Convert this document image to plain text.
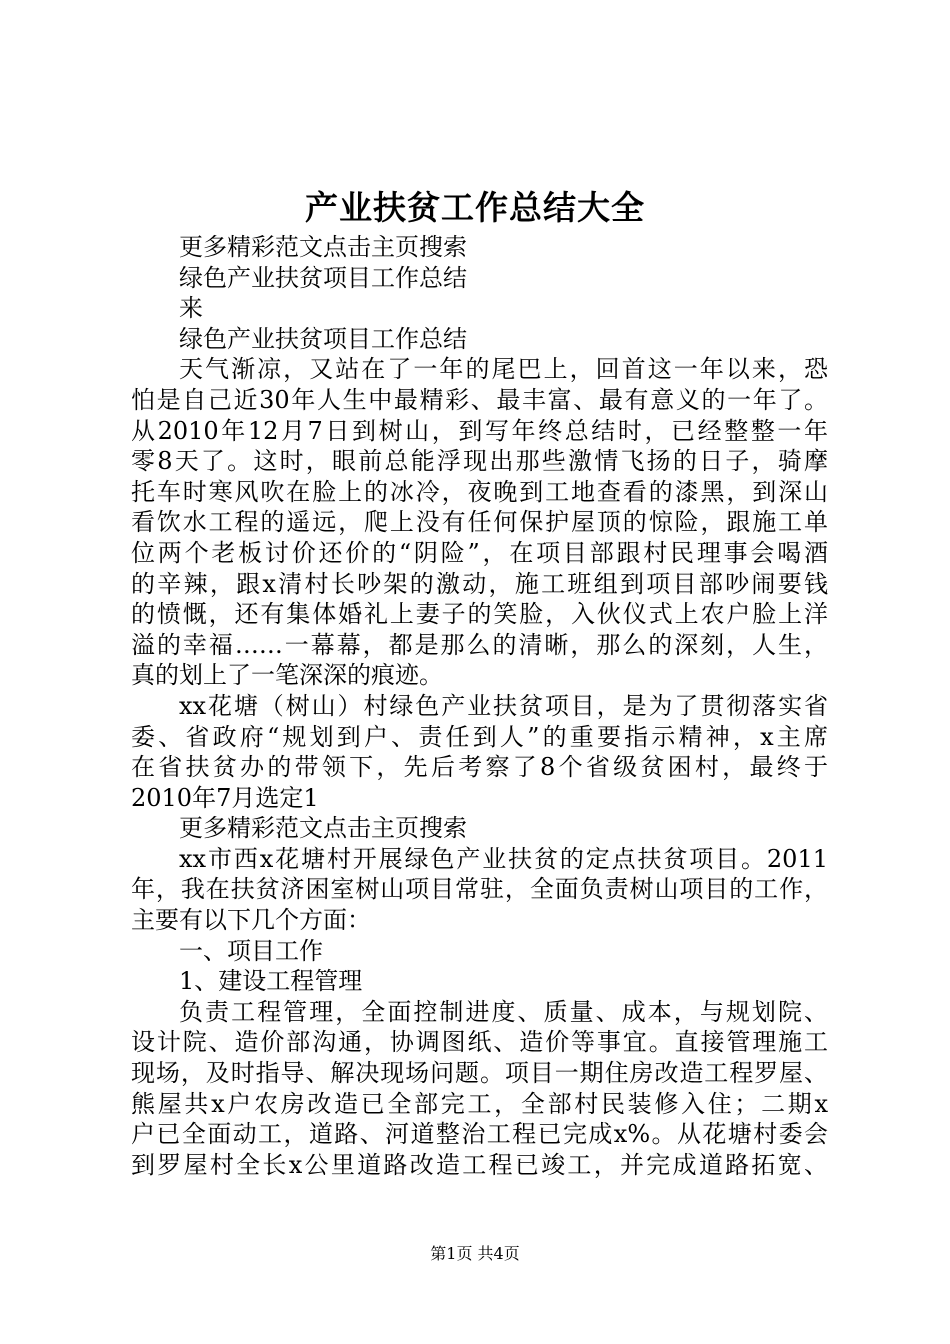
产业扶贫工作总结大全
更多精彩范文点击主页搜索
绿色产业扶贫项目工作总结
来
绿色产业扶贫项目工作总结
天气渐凉，又站在了一年的尾巴上，回首这一年以来，恐
怕是自己近30年人生中最精彩、最丰富、最有意义的一年了。
从2010年12月7日到树山，到写年终总结时，已经整整一年
零8天了。这时，眼前总能浮现出那些激情飞扬的日子，骑摩
托车时寒风吹在脸上的冰冷，夜晚到工地查看的漆黑，到深山
看饮水工程的遥远，爬上没有任何保护屋顶的惊险，跟施工单
位两个老板讨价还价的“阴险”，在项目部跟村民理事会喝酒
的辛辣，跟x清村长吵架的激动，施工班组到项目部吵闹要钱
的愤慨，还有集体婚礼上妻子的笑脸，入伙仪式上农户脸上洋
溢的幸福……一幕幕，都是那么的清晰，那么的深刻，人生，
真的划上了一笔深深的痕迹。
xx花塘（树山）村绿色产业扶贫项目，是为了贯彻落实省
委、省政府“规划到户、责任到人”的重要指示精神，x主席
在省扶贫办的带领下，先后考察了8个省级贫困村，最终于
2010年7月选定1
更多精彩范文点击主页搜索
xx市西x花塘村开展绿色产业扶贫的定点扶贫项目。2011
年，我在扶贫济困室树山项目常驻，全面负责树山项目的工作，
主要有以下几个方面：
一、项目工作
1、建设工程管理
负责工程管理，全面控制进度、质量、成本，与规划院、
设计院、造价部沟通，协调图纸、造价等事宜。直接管理施工
现场，及时指导、解决现场问题。项目一期住房改造工程罗屋、
熊屋共x户农房改造已全部完工，全部村民装修入住；二期x
户已全面动工，道路、河道整治工程已完成x%。从花塘村委会
到罗屋村全长x公里道路改造工程已竣工，并完成道路拓宽、
第1页 共4页
